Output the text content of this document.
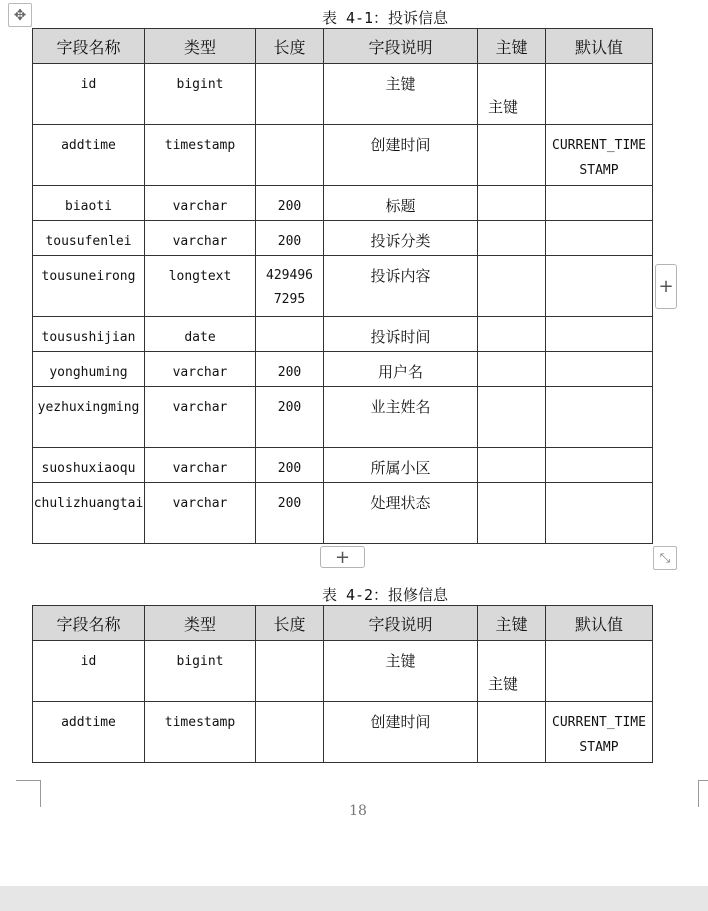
✥	表 4-1：投诉信息
字段名称	类型	长度	字段说明	主键	默认值
id	bigint		主键	主键	
addtime	timestamp		创建时间		CURRENT_TIMESTAMP
biaoti	varchar	200	标题		
tousufenlei	varchar	200	投诉分类		
tousuneirong	longtext	4294967295	投诉内容		
tousushijian	date		投诉时间		
yonghuming	varchar	200	用户名		
yezhuxingming	varchar	200	业主姓名		
suoshuxiaoqu	varchar	200	所属小区		
chulizhuangtai	varchar	200	处理状态		
+
+	⤡
表 4-2：报修信息
字段名称	类型	长度	字段说明	主键	默认值
id	bigint		主键	主键	
addtime	timestamp		创建时间		CURRENT_TIMESTAMP
18
